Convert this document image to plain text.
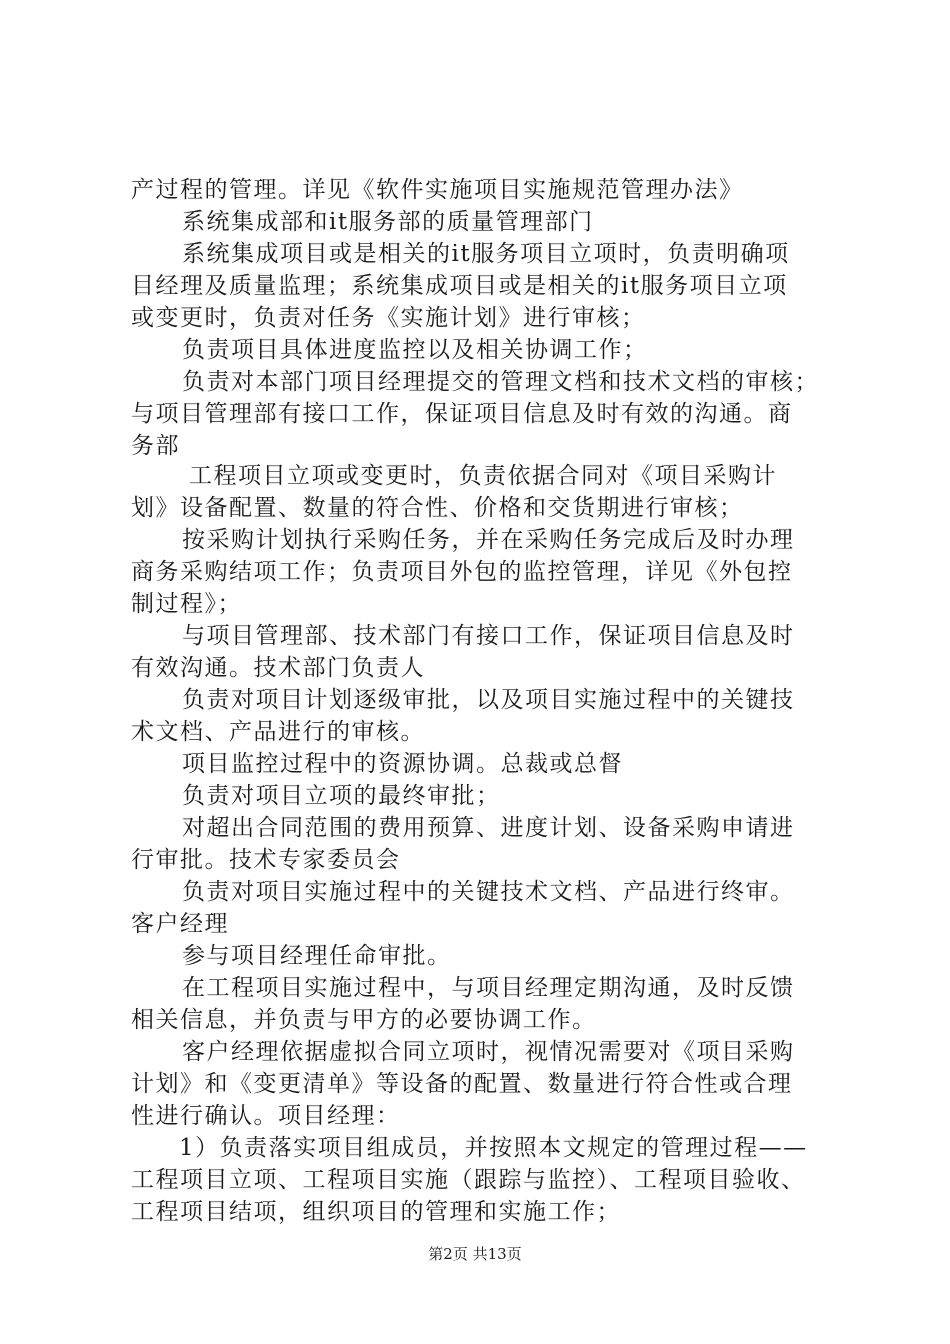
产过程的管理。详见《软件实施项目实施规范管理办法》
系统集成部和it服务部的质量管理部门
系统集成项目或是相关的it服务项目立项时，负责明确项
目经理及质量监理；系统集成项目或是相关的it服务项目立项
或变更时，负责对任务《实施计划》进行审核；
负责项目具体进度监控以及相关协调工作；
负责对本部门项目经理提交的管理文档和技术文档的审核；
与项目管理部有接口工作，保证项目信息及时有效的沟通。商
务部
工程项目立项或变更时，负责依据合同对《项目采购计
划》设备配置、数量的符合性、价格和交货期进行审核；
按采购计划执行采购任务，并在采购任务完成后及时办理
商务采购结项工作；负责项目外包的监控管理，详见《外包控
制过程》；
与项目管理部、技术部门有接口工作，保证项目信息及时
有效沟通。技术部门负责人
负责对项目计划逐级审批，以及项目实施过程中的关键技
术文档、产品进行的审核。
项目监控过程中的资源协调。总裁或总督
负责对项目立项的最终审批；
对超出合同范围的费用预算、进度计划、设备采购申请进
行审批。技术专家委员会
负责对项目实施过程中的关键技术文档、产品进行终审。
客户经理
参与项目经理任命审批。
在工程项目实施过程中，与项目经理定期沟通，及时反馈
相关信息，并负责与甲方的必要协调工作。
客户经理依据虚拟合同立项时，视情况需要对《项目采购
计划》和《变更清单》等设备的配置、数量进行符合性或合理
性进行确认。项目经理：
1）负责落实项目组成员，并按照本文规定的管理过程——
工程项目立项、工程项目实施（跟踪与监控）、工程项目验收、
工程项目结项，组织项目的管理和实施工作；
第2页 共13页
